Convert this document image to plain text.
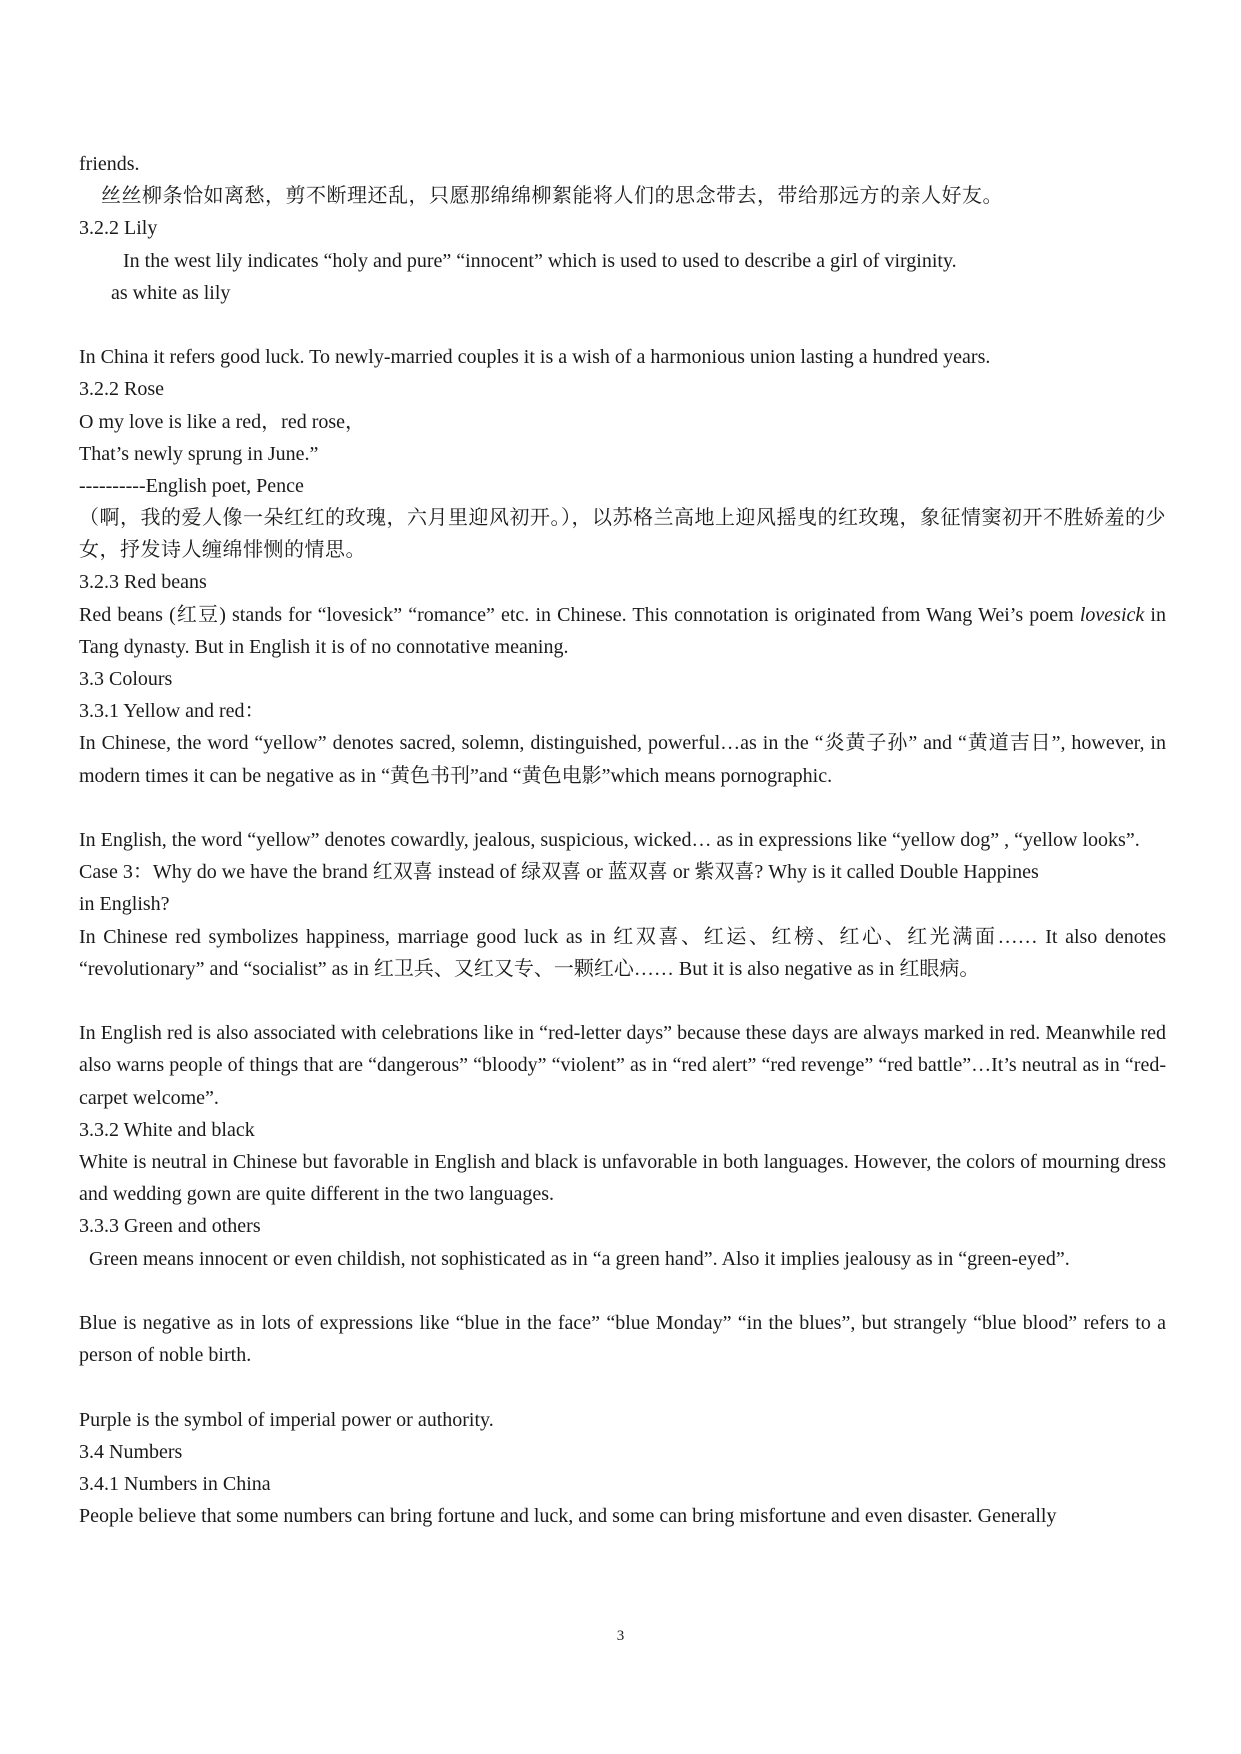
friends.
丝丝柳条恰如离愁，剪不断理还乱，只愿那绵绵柳絮能将人们的思念带去，带给那远方的亲人好友。
3.2.2 Lily
In the west lily indicates “holy and pure” “innocent” which is used to used to describe a girl of virginity.
as white as lily
In China it refers good luck. To newly-married couples it is a wish of a harmonious union lasting a hundred years.
3.2.2 Rose
O my love is like a red，red rose，
That’s newly sprung in June.”
----------English poet, Pence
（啊，我的爱人像一朵红红的玫瑰，六月里迎风初开。），以苏格兰高地上迎风摇曳的红玫瑰，象征情窦初开不胜娇羞的少女，抒发诗人缠绵悱恻的情思。
3.2.3 Red beans
Red beans (红豆) stands for “lovesick” “romance” etc. in Chinese. This connotation is originated from Wang Wei’s poem lovesick in Tang dynasty. But in English it is of no connotative meaning.
3.3 Colours
3.3.1 Yellow and red：
In Chinese, the word “yellow” denotes sacred, solemn, distinguished, powerful…as in the “炎黄子孙” and “黄道吉日”, however, in modern times it can be negative as in “黄色书刊”and “黄色电影”which means pornographic.
In English, the word “yellow” denotes cowardly, jealous, suspicious, wicked… as in expressions like “yellow dog” , “yellow looks”.
Case 3：Why do we have the brand 红双喜 instead of 绿双喜 or 蓝双喜 or 紫双喜? Why is it called Double Happines
in English?
In Chinese red symbolizes happiness, marriage good luck as in 红双喜、红运、红榜、红心、红光满面…… It also denotes “revolutionary” and “socialist” as in 红卫兵、又红又专、一颗红心…… But it is also negative as in 红眼病。
In English red is also associated with celebrations like in “red-letter days” because these days are always marked in red. Meanwhile red also warns people of things that are “dangerous” “bloody” “violent” as in “red alert” “red revenge” “red battle”…It’s neutral as in “red-carpet welcome”.
3.3.2 White and black
White is neutral in Chinese but favorable in English and black is unfavorable in both languages. However, the colors of mourning dress and wedding gown are quite different in the two languages.
3.3.3 Green and others
Green means innocent or even childish, not sophisticated as in “a green hand”. Also it implies jealousy as in “green-eyed”.
Blue is negative as in lots of expressions like “blue in the face” “blue Monday” “in the blues”, but strangely “blue blood” refers to a person of noble birth.
Purple is the symbol of imperial power or authority.
3.4 Numbers
3.4.1 Numbers in China
People believe that some numbers can bring fortune and luck, and some can bring misfortune and even disaster. Generally
3
